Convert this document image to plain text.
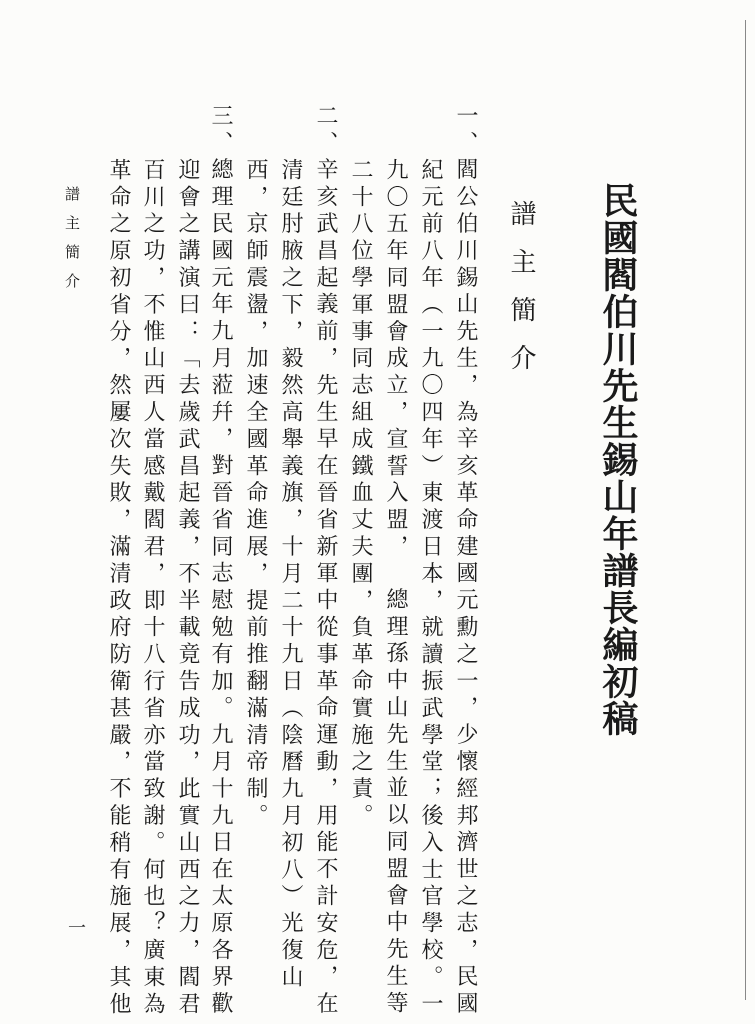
民國閻伯川先生錫山年譜長編初稿
譜主簡介
一、閻公伯川錫山先生，為辛亥革命建國元勳之一，少懷經邦濟世之志，民國
紀元前八年（一九〇四年）東渡日本，就讀振武學堂；後入士官學校。一
九〇五年同盟會成立，宣誓入盟，總理孫中山先生並以同盟會中先生等
二十八位學軍事同志組成鐵血丈夫團，負革命實施之責。
二、辛亥武昌起義前，先生早在晉省新軍中從事革命運動，用能不計安危，在
清廷肘腋之下，毅然高舉義旗，十月二十九日（陰曆九月初八）光復山
西，京師震盪，加速全國革命進展，提前推翻滿清帝制。
三、總理民國元年九月蒞幷，對晉省同志慰勉有加。九月十九日在太原各界歡
迎會之講演曰：「去歲武昌起義，不半載竟告成功，此實山西之力，閻君
百川之功，不惟山西人當感戴閻君，即十八行省亦當致謝。何也？廣東為
革命之原初省分，然屢次失敗，滿清政府防衛甚嚴，不能稍有施展，其他
譜主簡介
一
